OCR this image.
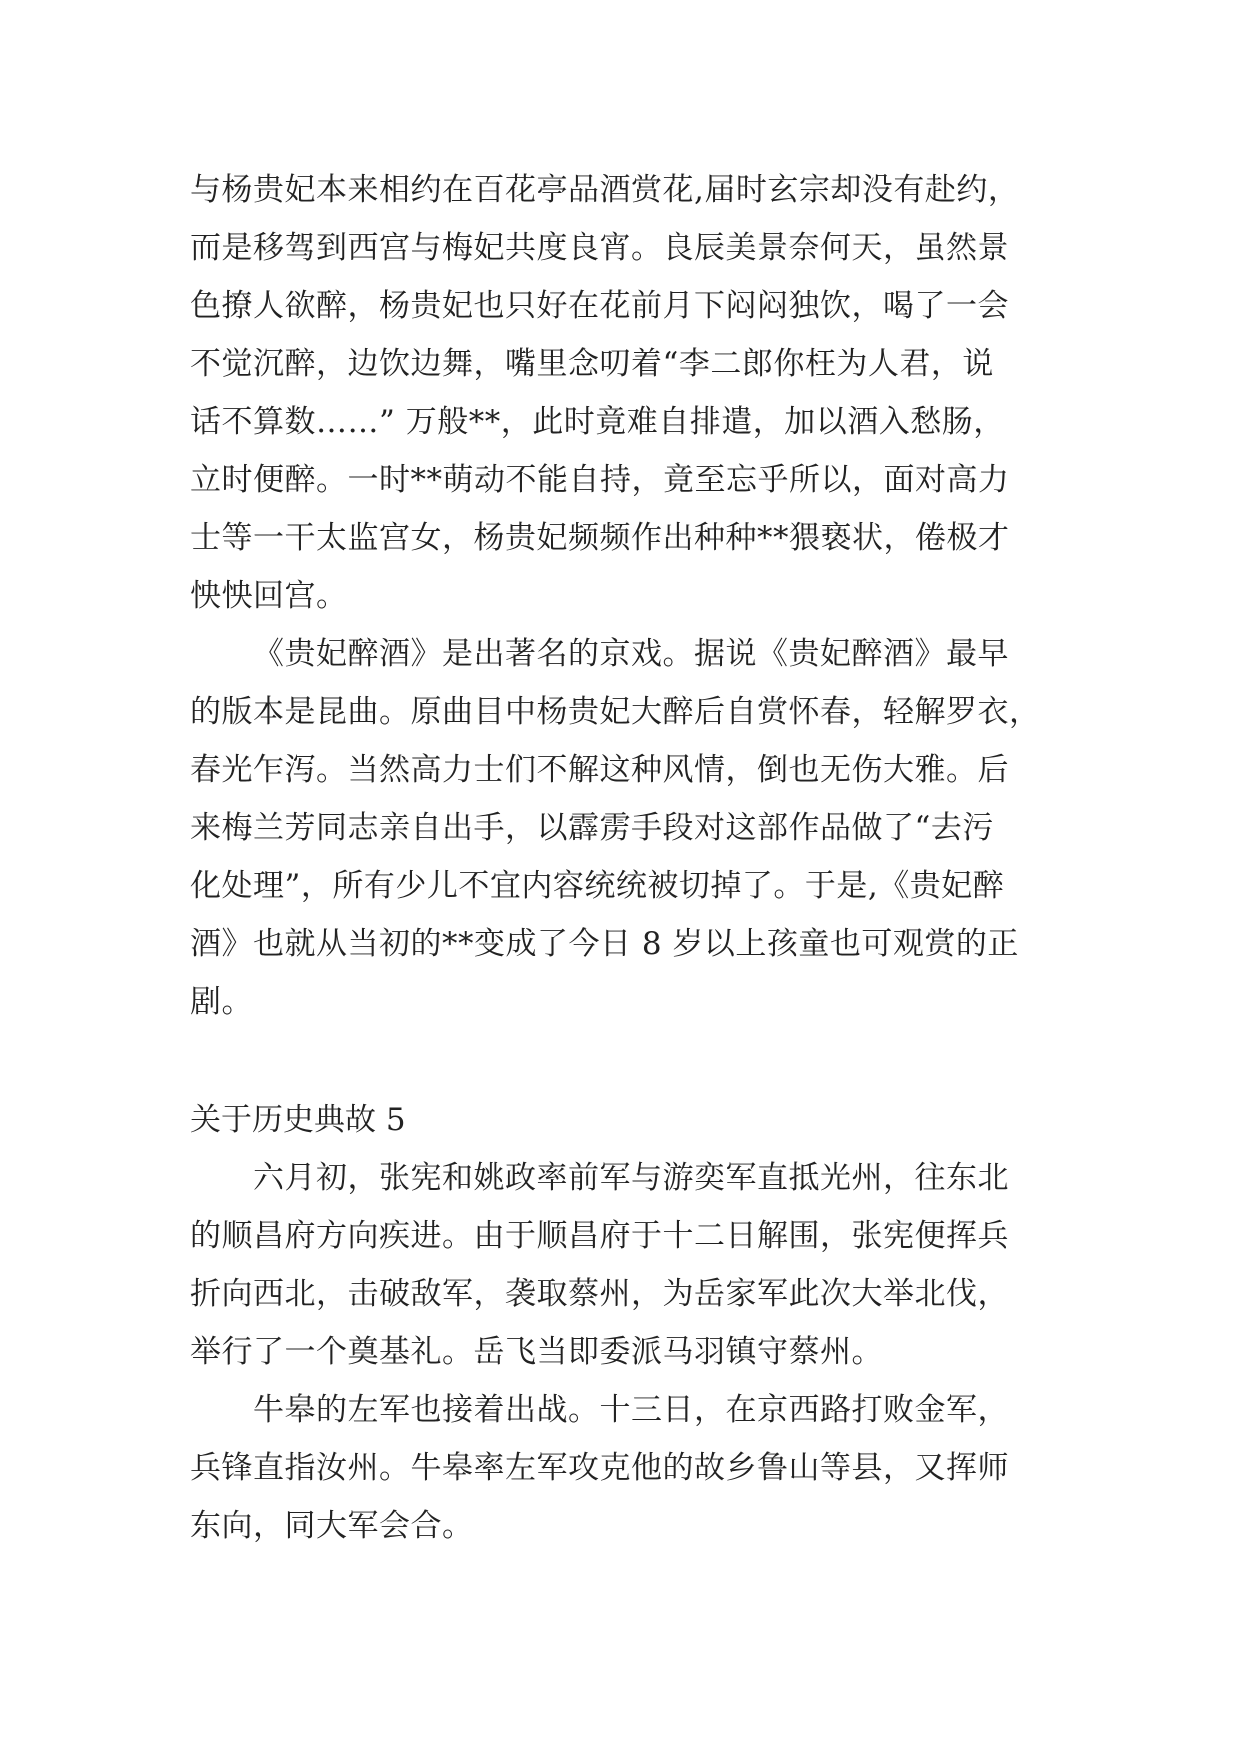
与杨贵妃本来相约在百花亭品酒赏花,届时玄宗却没有赴约，

而是移驾到西宫与梅妃共度良宵。良辰美景奈何天，虽然景

色撩人欲醉，杨贵妃也只好在花前月下闷闷独饮，喝了一会

不觉沉醉，边饮边舞，嘴里念叨着“李二郎你枉为人君，说

话不算数……” 万般**，此时竟难自排遣，加以酒入愁肠，

立时便醉。一时**萌动不能自持，竟至忘乎所以，面对高力

士等一干太监宫女，杨贵妃频频作出种种**猥亵状，倦极才

怏怏回宫。

《贵妃醉酒》是出著名的京戏。据说《贵妃醉酒》最早

的版本是昆曲。原曲目中杨贵妃大醉后自赏怀春，轻解罗衣，

春光乍泻。当然高力士们不解这种风情，倒也无伤大雅。后

来梅兰芳同志亲自出手，以霹雳手段对这部作品做了“去污

化处理”，所有少儿不宜内容统统被切掉了。于是,《贵妃醉

酒》也就从当初的**变成了今日 8 岁以上孩童也可观赏的正

剧。

关于历史典故 5

六月初，张宪和姚政率前军与游奕军直抵光州，往东北

的顺昌府方向疾进。由于顺昌府于十二日解围，张宪便挥兵

折向西北，击破敌军，袭取蔡州，为岳家军此次大举北伐，

举行了一个奠基礼。岳飞当即委派马羽镇守蔡州。

牛皋的左军也接着出战。十三日，在京西路打败金军，

兵锋直指汝州。牛皋率左军攻克他的故乡鲁山等县，又挥师

东向，同大军会合。
